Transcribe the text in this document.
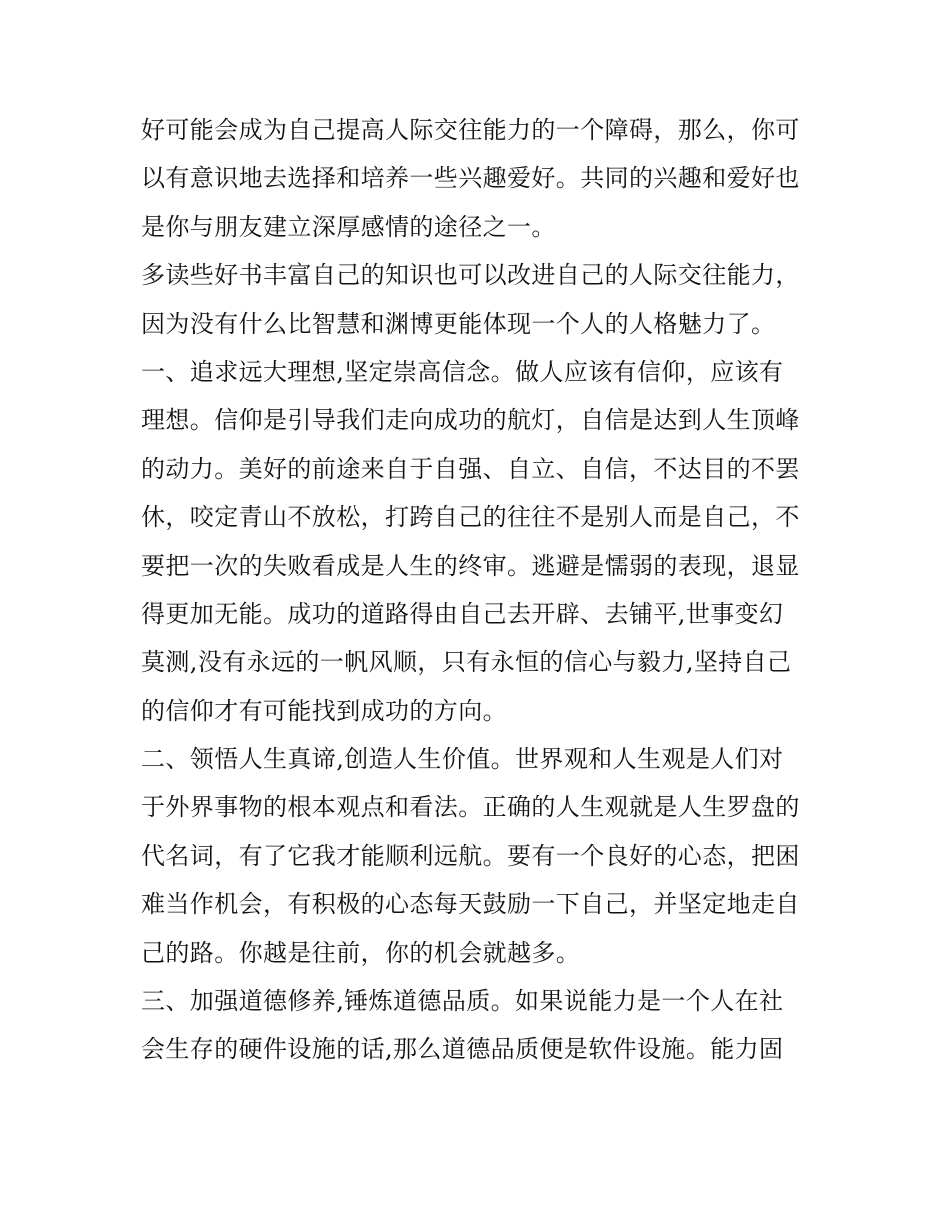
好可能会成为自己提高人际交往能力的一个障碍，那么，你可
以有意识地去选择和培养一些兴趣爱好。共同的兴趣和爱好也
是你与朋友建立深厚感情的途径之一。
多读些好书丰富自己的知识也可以改进自己的人际交往能力，
因为没有什么比智慧和渊博更能体现一个人的人格魅力了。
一、追求远大理想,坚定崇高信念。做人应该有信仰，应该有
理想。信仰是引导我们走向成功的航灯，自信是达到人生顶峰
的动力。美好的前途来自于自强、自立、自信，不达目的不罢
休，咬定青山不放松，打跨自己的往往不是别人而是自己，不
要把一次的失败看成是人生的终审。逃避是懦弱的表现，退显
得更加无能。成功的道路得由自己去开辟、去铺平,世事变幻
莫测,没有永远的一帆风顺，只有永恒的信心与毅力,坚持自己
的信仰才有可能找到成功的方向。
二、领悟人生真谛,创造人生价值。世界观和人生观是人们对
于外界事物的根本观点和看法。正确的人生观就是人生罗盘的
代名词，有了它我才能顺利远航。要有一个良好的心态，把困
难当作机会，有积极的心态每天鼓励一下自己，并坚定地走自
己的路。你越是往前，你的机会就越多。
三、加强道德修养,锤炼道德品质。如果说能力是一个人在社
会生存的硬件设施的话,那么道德品质便是软件设施。能力固
